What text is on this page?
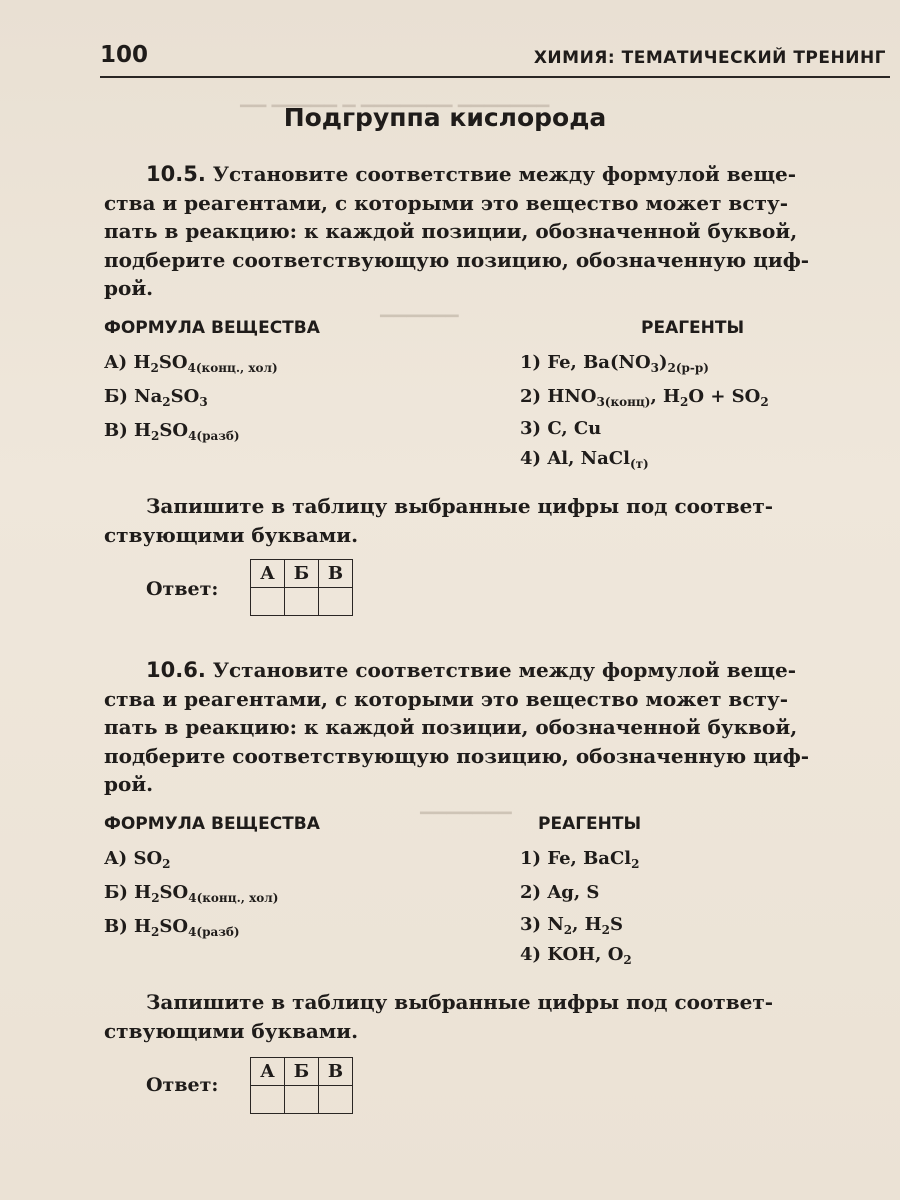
▁▁ ▁▁▁▁▁ ▁ ▁▁▁▁▁▁▁ ▁▁▁▁▁▁▁
▁▁▁▁▁▁
▁▁▁▁▁▁▁
100	ХИМИЯ: ТЕМАТИЧЕСКИЙ ТРЕНИНГ
Подгруппа кислорода
10.5. Установите соответствие между формулой веще-
ства и реагентами, с которыми это вещество может всту-
пать в реакцию: к каждой позиции, обозначенной буквой,
подберите соответствующую позицию, обозначенную циф-
рой.
ФОРМУЛА ВЕЩЕСТВА	РЕАГЕНТЫ
А) $H_2SO_{4(конц., хол)}$
Б) $Na_2SO_3$
В) $H_2SO_{4(разб)}$
1) Fe, $Ba(NO_3)_{2(р-р)}$
2) $HNO_{3(конц)}$, $H_2O + SO_2$
3) C, Cu
4) Al, NaCl$_{(т)}$
Запишите в таблицу выбранные цифры под соответ-
ствующими буквами.
Ответ:
А	Б	В

10.6. Установите соответствие между формулой веще-
ства и реагентами, с которыми это вещество может всту-
пать в реакцию: к каждой позиции, обозначенной буквой,
подберите соответствующую позицию, обозначенную циф-
рой.
ФОРМУЛА ВЕЩЕСТВА	РЕАГЕНТЫ
А) $SO_2$
Б) $H_2SO_{4(конц., хол)}$
В) $H_2SO_{4(разб)}$
1) Fe, BaCl$_2$
2) Ag, S
3) $N_2$, $H_2S$
4) KOH, $O_2$
Запишите в таблицу выбранные цифры под соответ-
ствующими буквами.
Ответ:
А	Б	В
